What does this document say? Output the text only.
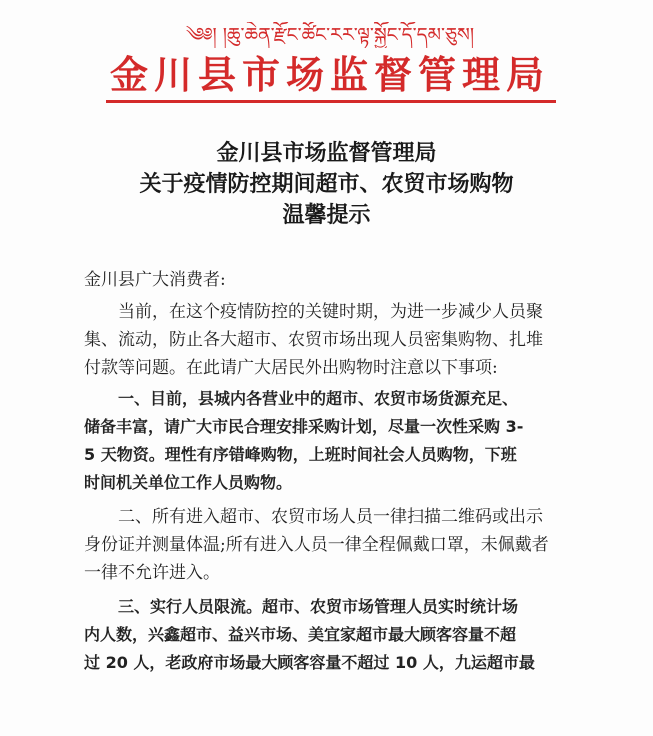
༄༅། །ཆུ་ཆེན་རྫོང་ཚོང་རར་ལྟ་སྐྱོང་དོ་དམ་ཅུས།
金川县市场监督管理局
金川县市场监督管理局
关于疫情防控期间超市、农贸市场购物
温馨提示
金川县广大消费者:
当前，在这个疫情防控的关键时期，为进一步减少人员聚
集、流动，防止各大超市、农贸市场出现人员密集购物、扎堆
付款等问题。在此请广大居民外出购物时注意以下事项:
一、目前，县城内各营业中的超市、农贸市场货源充足、
储备丰富，请广大市民合理安排采购计划，尽量一次性采购 3-
5 天物资。理性有序错峰购物，上班时间社会人员购物，下班
时间机关单位工作人员购物。
二、所有进入超市、农贸市场人员一律扫描二维码或出示
身份证并测量体温;所有进入人员一律全程佩戴口罩，未佩戴者
一律不允许进入。
三、实行人员限流。超市、农贸市场管理人员实时统计场
内人数，兴鑫超市、益兴市场、美宜家超市最大顾客容量不超
过 20 人，老政府市场最大顾客容量不超过 10 人，九运超市最
